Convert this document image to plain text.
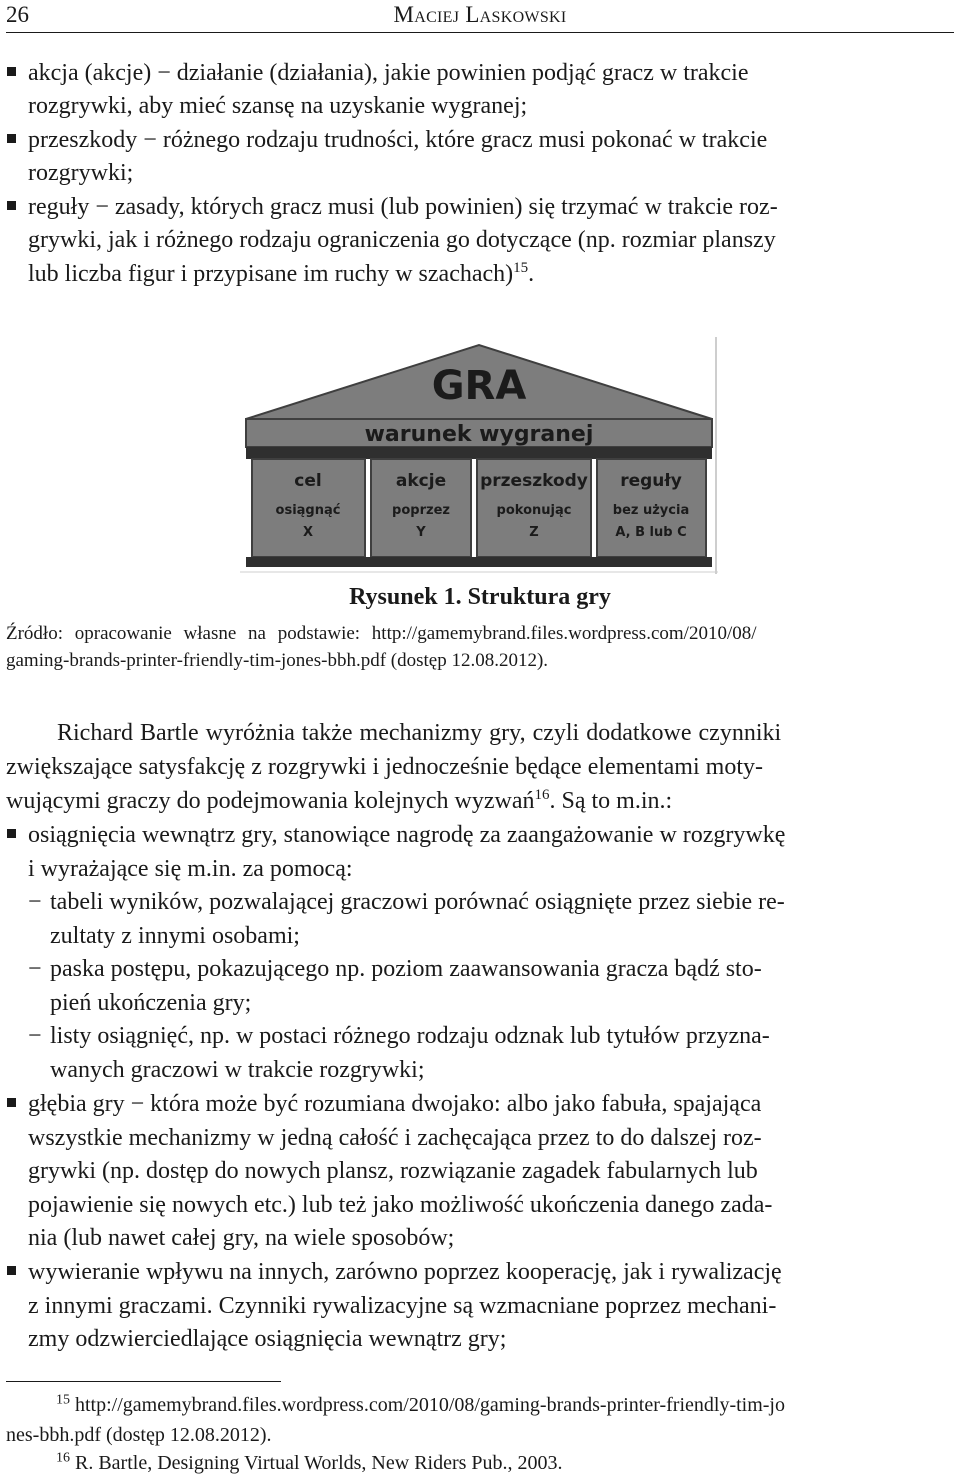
26	Maciej Laskowski
akcja (akcje) − działanie (działania), jakie powinien podjąć gracz w trakcie
rozgrywki, aby mieć szansę na uzyskanie wygranej;
przeszkody − różnego rodzaju trudności, które gracz musi pokonać w trakcie
rozgrywki;
reguły − zasady, których gracz musi (lub powinien) się trzymać w trakcie roz-
grywki, jak i różnego rodzaju ograniczenia go dotyczące (np. rozmiar planszy
lub liczba figur i przypisane im ruchy w szachach)$^{15}$.
GRA
warunek wygranej
cel
osiągnąć
X
akcje
poprzez
Y
przeszkody
pokonując
Z
reguły
bez użycia
A, B lub C
Rysunek 1. Struktura gry
Źródło: opracowanie własne na podstawie: http://gamemybrand.files.wordpress.com/2010/08/
gaming-brands-printer-friendly-tim-jones-bbh.pdf (dostęp 12.08.2012).
Richard Bartle wyróżnia także mechanizmy gry, czyli dodatkowe czynniki
zwiększające satysfakcję z rozgrywki i jednocześnie będące elementami moty-
wującymi graczy do podejmowania kolejnych wyzwań$^{16}$. Są to m.in.:
osiągnięcia wewnątrz gry, stanowiące nagrodę za zaangażowanie w rozgrywkę
i wyrażające się m.in. za pomocą:
− tabeli wyników, pozwalającej graczowi porównać osiągnięte przez siebie re-
zultaty z innymi osobami;
− paska postępu, pokazującego np. poziom zaawansowania gracza bądź sto-
pień ukończenia gry;
− listy osiągnięć, np. w postaci różnego rodzaju odznak lub tytułów przyzna-
wanych graczowi w trakcie rozgrywki;
głębia gry − która może być rozumiana dwojako: albo jako fabuła, spajająca
wszystkie mechanizmy w jedną całość i zachęcająca przez to do dalszej roz-
grywki (np. dostęp do nowych plansz, rozwiązanie zagadek fabularnych lub
pojawienie się nowych etc.) lub też jako możliwość ukończenia danego zada-
nia (lub nawet całej gry, na wiele sposobów;
wywieranie wpływu na innych, zarówno poprzez kooperację, jak i rywalizację
z innymi graczami. Czynniki rywalizacyjne są wzmacniane poprzez mechani-
zmy odzwierciedlające osiągnięcia wewnątrz gry;
$^{15}$ http://gamemybrand.files.wordpress.com/2010/08/gaming-brands-printer-friendly-tim-jo
nes-bbh.pdf (dostęp 12.08.2012).
$^{16}$ R. Bartle, Designing Virtual Worlds, New Riders Pub., 2003.
